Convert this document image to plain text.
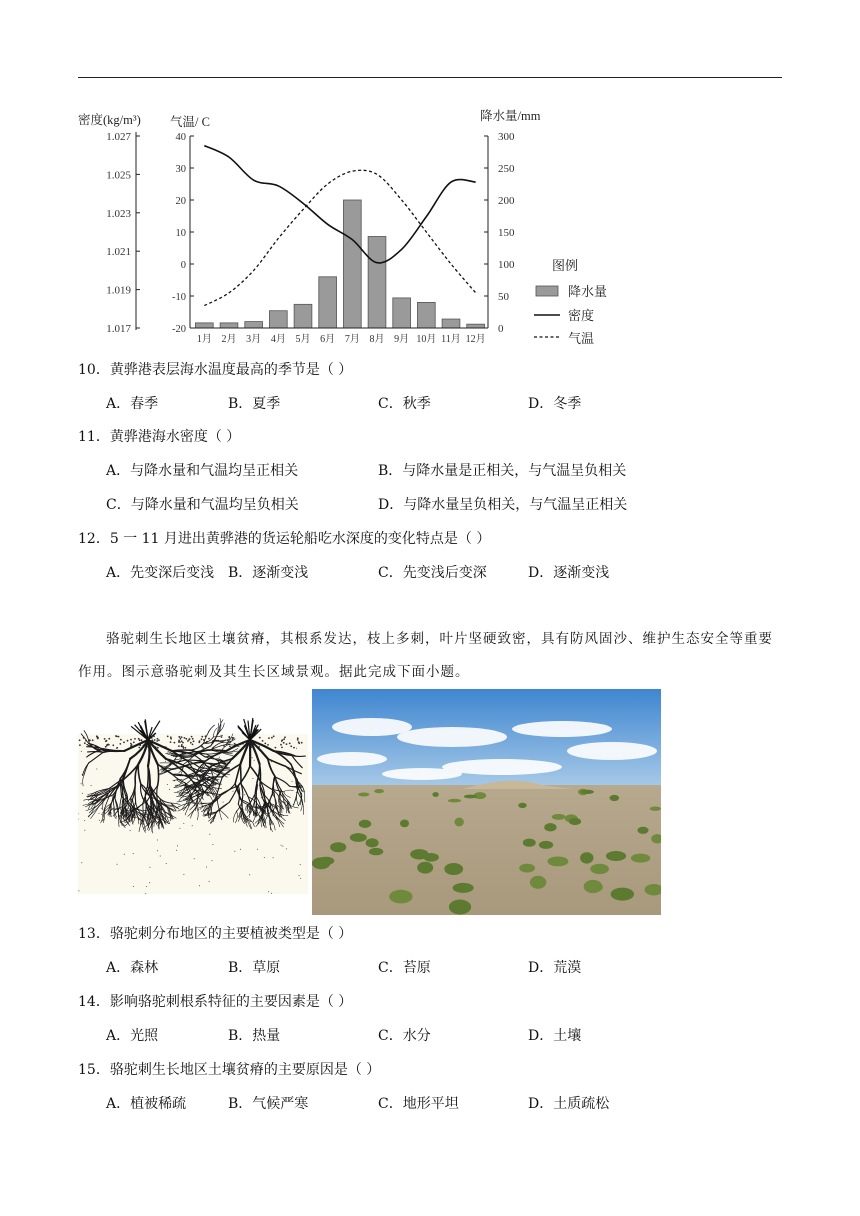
1.027
1.025
1.023
1.021
1.019
1.017
40
30
20
10
0
-10
-20
300
250
200
150
100
50
0
密度(kg/m³) 气温/ C	降水量/mm
1月 2月 3月 4月 5月 6月 7月 8月 9月 10月 11月 12月
图例
降水量
密度
气温
10．黄骅港表层海水温度最高的季节是（ ）
A．春季	B．夏季	C．秋季	D．冬季
11．黄骅港海水密度（ ）
A．与降水量和气温均呈正相关	B．与降水量是正相关，与气温呈负相关
C．与降水量和气温均呈负相关	D．与降水量呈负相关，与气温呈正相关
12．5 一 11 月进出黄骅港的货运轮船吃水深度的变化特点是（ ）
A．先变深后变浅 B．逐渐变浅	C．先变浅后变深	D．逐渐变浅
骆驼刺生长地区土壤贫瘠，其根系发达，枝上多刺，叶片坚硬致密，具有防风固沙、维护生态安全等重要作用。图示意骆驼刺及其生长区域景观。据此完成下面小题。
13．骆驼刺分布地区的主要植被类型是（ ）
A．森林	B．草原	C．苔原	D．荒漠
14．影响骆驼刺根系特征的主要因素是（ ）
A．光照	B．热量	C．水分	D．土壤
15．骆驼刺生长地区土壤贫瘠的主要原因是（ ）
A．植被稀疏	B．气候严寒	C．地形平坦	D．土质疏松
